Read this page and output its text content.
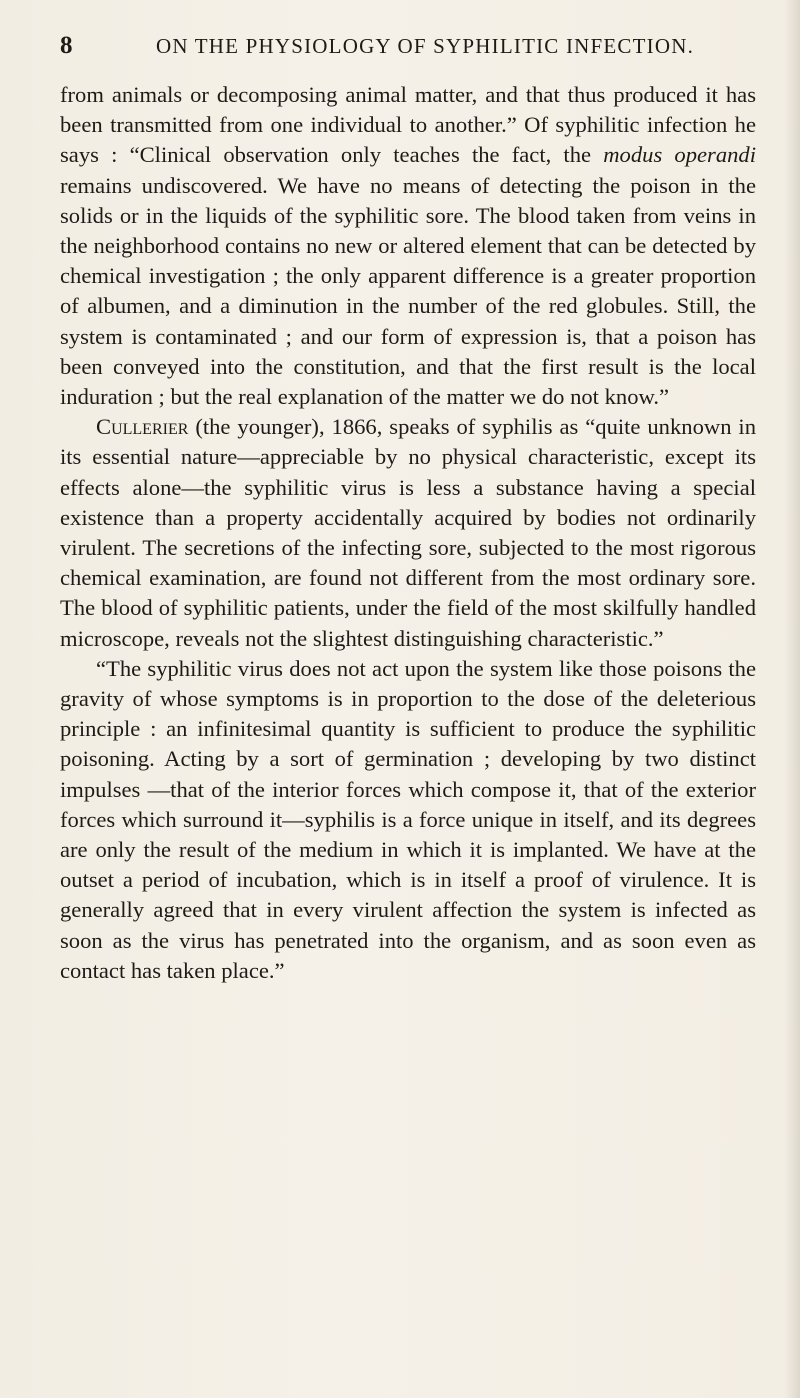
8	ON THE PHYSIOLOGY OF SYPHILITIC INFECTION.

from animals or decomposing animal matter, and that thus produced it has been transmitted from one individual to another.” Of syphilitic infection he says : “Clinical observation only teaches the fact, the modus operandi remains undiscovered. We have no means of detecting the poison in the solids or in the liquids of the syphilitic sore. The blood taken from veins in the neighborhood contains no new or altered element that can be detected by chemical investigation ; the only apparent difference is a greater proportion of albumen, and a diminution in the number of the red globules. Still, the system is contaminated ; and our form of expression is, that a poison has been conveyed into the constitution, and that the first result is the local induration ; but the real explanation of the matter we do not know.”

Cullerier (the younger), 1866, speaks of syphilis as “quite unknown in its essential nature—appreciable by no physical characteristic, except its effects alone—the syphilitic virus is less a substance having a special existence than a property accidentally acquired by bodies not ordinarily virulent. The secretions of the infecting sore, subjected to the most rigorous chemical examination, are found not different from the most ordinary sore. The blood of syphilitic patients, under the field of the most skilfully handled microscope, reveals not the slightest distinguishing characteristic.”

“The syphilitic virus does not act upon the system like those poisons the gravity of whose symptoms is in proportion to the dose of the deleterious principle : an infinitesimal quantity is sufficient to produce the syphilitic poisoning. Acting by a sort of germination ; developing by two distinct impulses —that of the interior forces which compose it, that of the exterior forces which surround it—syphilis is a force unique in itself, and its degrees are only the result of the medium in which it is implanted. We have at the outset a period of incubation, which is in itself a proof of virulence. It is generally agreed that in every virulent affection the system is infected as soon as the virus has penetrated into the organism, and as soon even as contact has taken place.”
